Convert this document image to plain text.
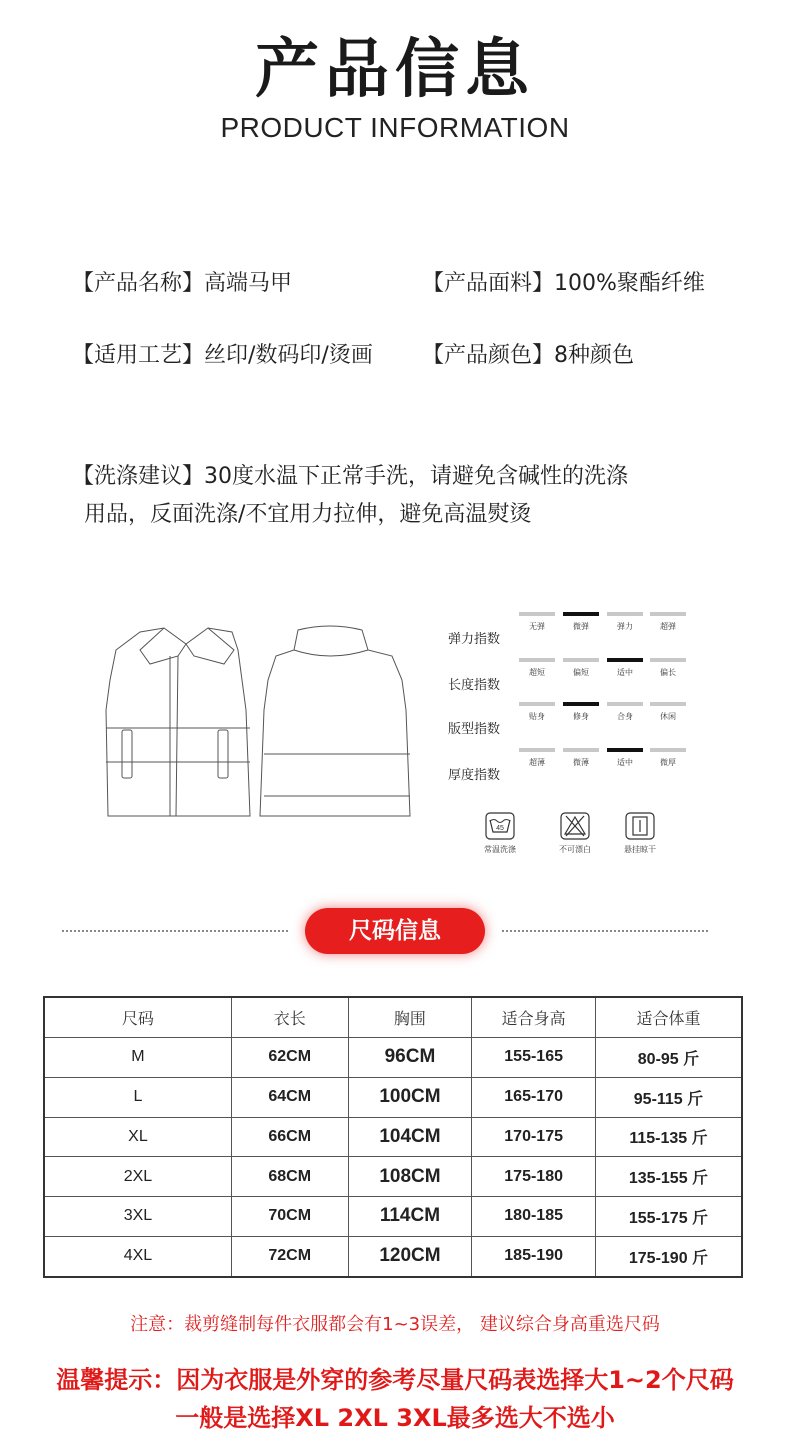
产品信息
PRODUCT INFORMATION
【产品名称】高端马甲	【产品面料】100%聚酯纤维
【适用工艺】丝印/数码印/烫画 【产品颜色】8种颜色
【洗涤建议】30度水温下正常手洗，请避免含碱性的洗涤
用品，反面洗涤/不宜用力拉伸，避免高温熨烫
弹力指数
无弹	微弹	弹力	超弹
长度指数
超短	偏短	适中	偏长
版型指数
贴身	修身	合身	休闲
厚度指数
超薄	微薄	适中	微厚
45
常温洗涤	不可漂白	悬挂晾干
尺码信息
尺码	衣长	胸围	适合身高	适合体重
M	62CM	96CM	155-165	80-95 斤
L	64CM	100CM	165-170	95-115 斤
XL	66CM	104CM	170-175	115-135 斤
2XL	68CM	108CM	175-180	135-155 斤
3XL	70CM	114CM	180-185	155-175 斤
4XL	72CM	120CM	185-190	175-190 斤
注意：裁剪缝制每件衣服都会有1~3误差， 建议综合身高重选尺码
温馨提示：因为衣服是外穿的参考尽量尺码表选择大1~2个尺码
一般是选择XL 2XL 3XL最多选大不选小
